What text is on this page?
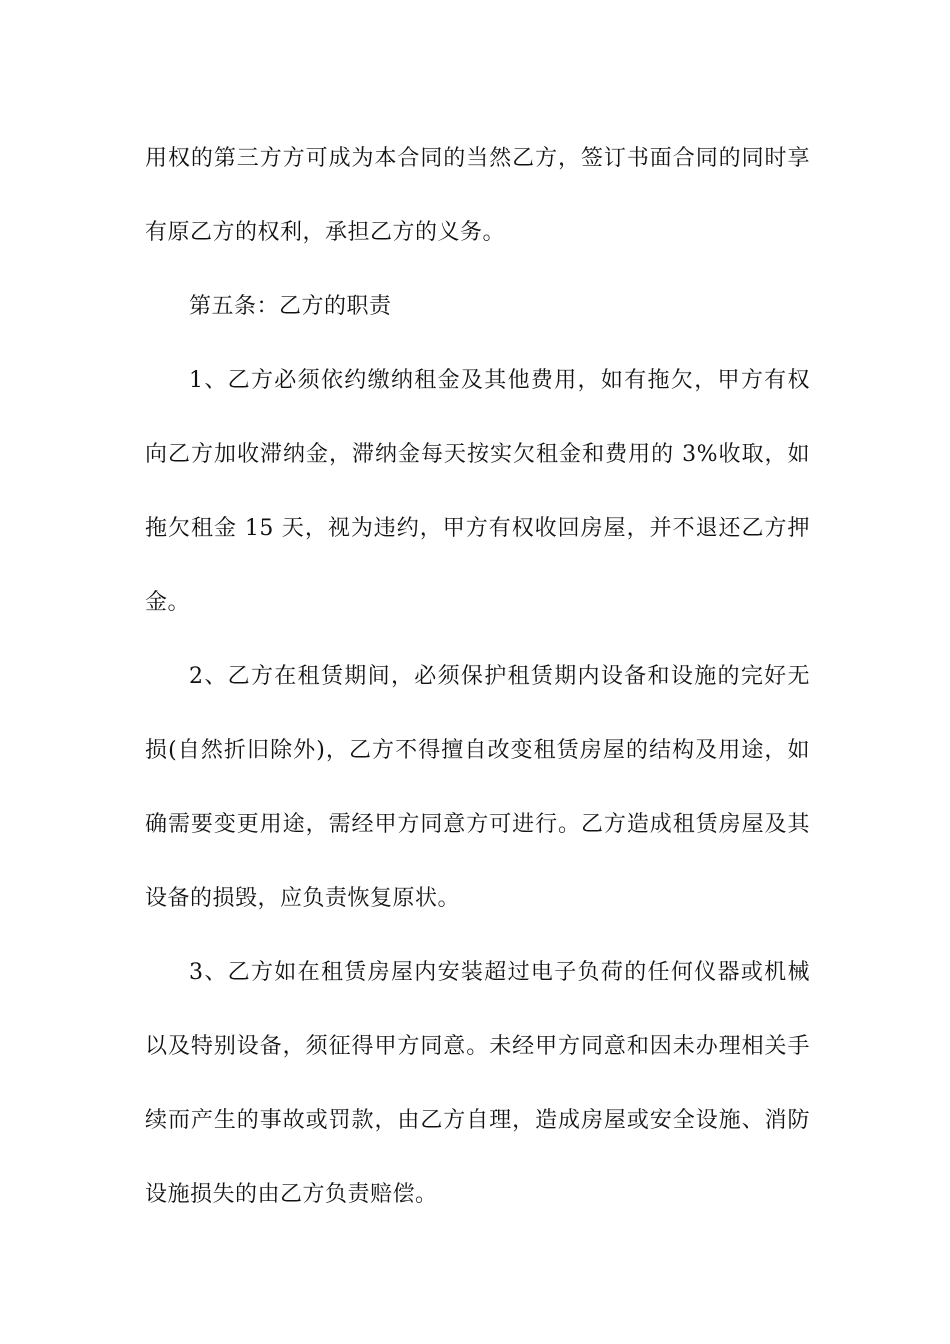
用权的第三方方可成为本合同的当然乙方，签订书面合同的同时享有原乙方的权利，承担乙方的义务。

第五条：乙方的职责

1、乙方必须依约缴纳租金及其他费用，如有拖欠，甲方有权向乙方加收滞纳金，滞纳金每天按实欠租金和费用的 3%收取，如拖欠租金 15 天，视为违约，甲方有权收回房屋，并不退还乙方押金。

2、乙方在租赁期间，必须保护租赁期内设备和设施的完好无损(自然折旧除外)，乙方不得擅自改变租赁房屋的结构及用途，如确需要变更用途，需经甲方同意方可进行。乙方造成租赁房屋及其设备的损毁，应负责恢复原状。

3、乙方如在租赁房屋内安装超过电子负荷的任何仪器或机械以及特别设备，须征得甲方同意。未经甲方同意和因未办理相关手续而产生的事故或罚款，由乙方自理，造成房屋或安全设施、消防设施损失的由乙方负责赔偿。
